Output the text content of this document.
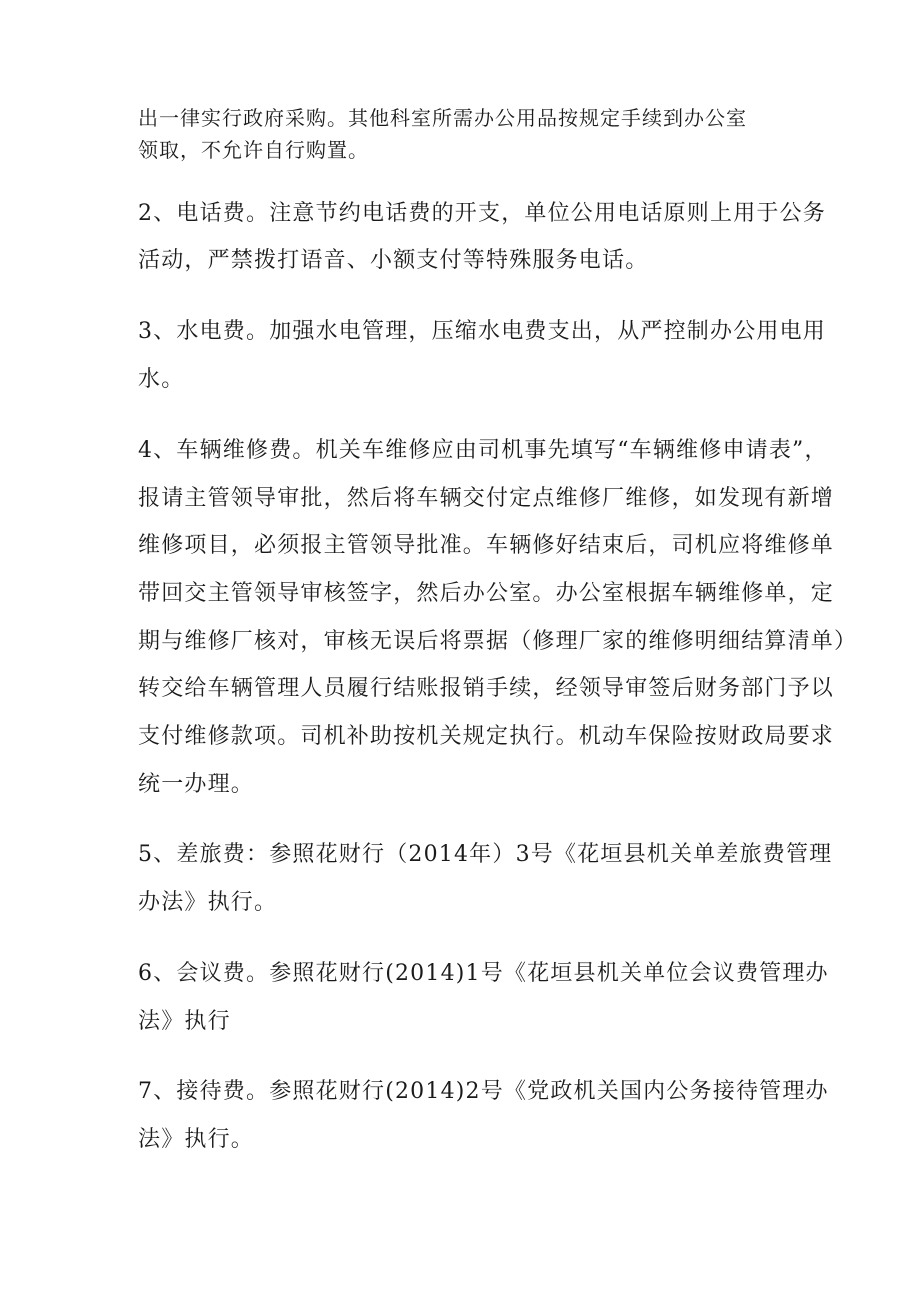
出一律实行政府采购。其他科室所需办公用品按规定手续到办公室
领取，不允许自行购置。
2、电话费。注意节约电话费的开支，单位公用电话原则上用于公务
活动，严禁拨打语音、小额支付等特殊服务电话。
3、水电费。加强水电管理，压缩水电费支出，从严控制办公用电用
水。
4、车辆维修费。机关车维修应由司机事先填写“车辆维修申请表”，
报请主管领导审批，然后将车辆交付定点维修厂维修，如发现有新增
维修项目，必须报主管领导批准。车辆修好结束后，司机应将维修单
带回交主管领导审核签字，然后办公室。办公室根据车辆维修单，定
期与维修厂核对，审核无误后将票据（修理厂家的维修明细结算清单）
转交给车辆管理人员履行结账报销手续，经领导审签后财务部门予以
支付维修款项。司机补助按机关规定执行。机动车保险按财政局要求
统一办理。
5、差旅费：参照花财行（2014年）3号《花垣县机关单差旅费管理
办法》执行。
6、会议费。参照花财行(2014)1号《花垣县机关单位会议费管理办
法》执行
7、接待费。参照花财行(2014)2号《党政机关国内公务接待管理办
法》执行。
